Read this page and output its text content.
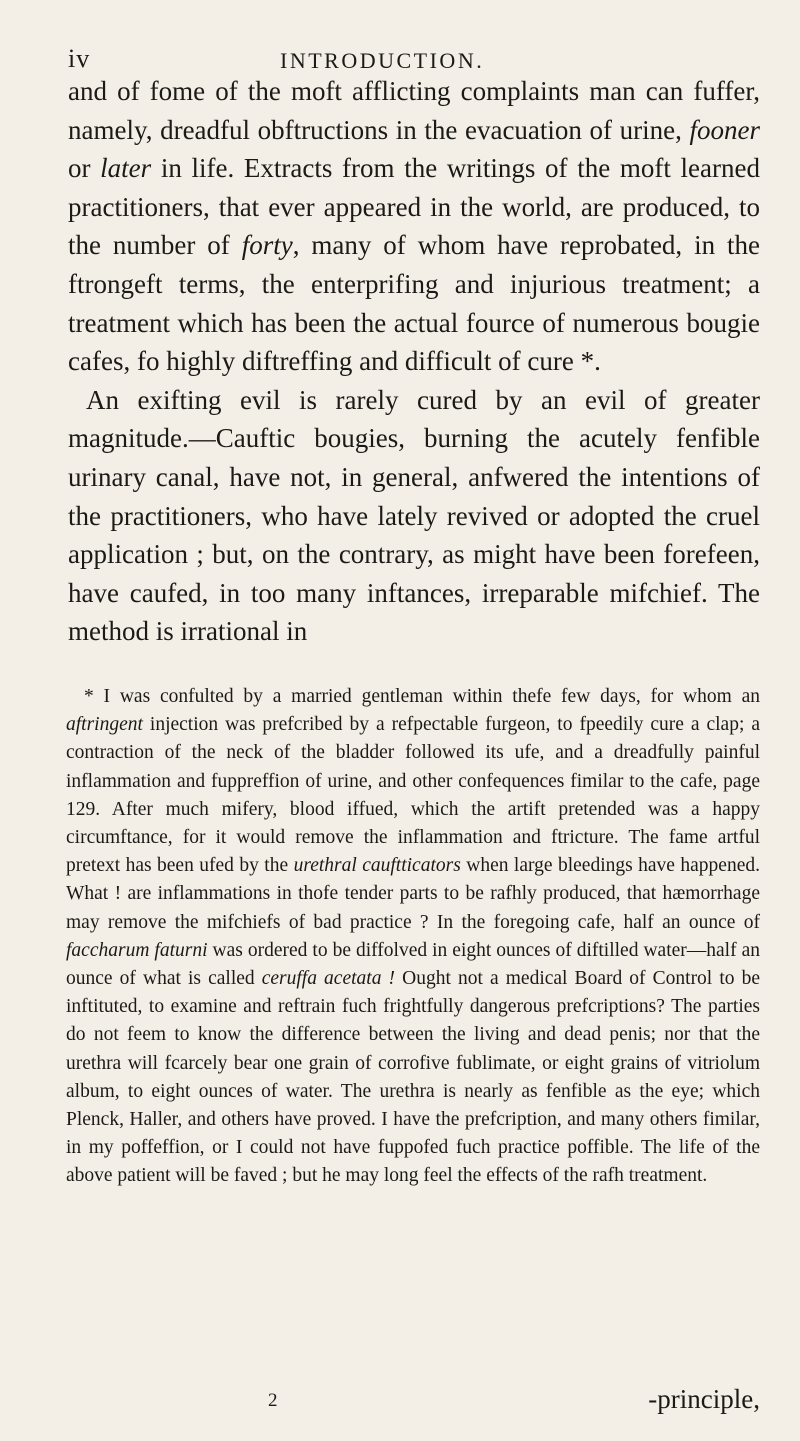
iv	INTRODUCTION.

and of fome of the moft afflicting complaints man can fuffer, namely, dreadful obftructions in the evacuation of urine, fooner or later in life. Extracts from the writings of the moft learned practitioners, that ever appeared in the world, are produced, to the number of forty, many of whom have reprobated, in the ftrongeft terms, the enterprifing and injurious treatment; a treatment which has been the actual fource of numerous bougie cafes, fo highly diftreffing and difficult of cure *.

An exifting evil is rarely cured by an evil of greater magnitude.—Cauftic bougies, burning the acutely fenfible urinary canal, have not, in general, anfwered the intentions of the practitioners, who have lately revived or adopted the cruel application ; but, on the contrary, as might have been forefeen, have caufed, in too many inftances, irreparable mifchief. The method is irrational in

* I was confulted by a married gentleman within thefe few days, for whom an aftringent injection was prefcribed by a refpectable furgeon, to fpeedily cure a clap; a contraction of the neck of the bladder followed its ufe, and a dreadfully painful inflammation and fuppreffion of urine, and other confequences fimilar to the cafe, page 129. After much mifery, blood iffued, which the artift pretended was a happy circumftance, for it would remove the inflammation and ftricture. The fame artful pretext has been ufed by the urethral cauftticators when large bleedings have happened. What ! are inflammations in thofe tender parts to be rafhly produced, that hæmorrhage may remove the mifchiefs of bad practice ? In the foregoing cafe, half an ounce of faccharum faturni was ordered to be diffolved in eight ounces of diftilled water—half an ounce of what is called ceruffa acetata ! Ought not a medical Board of Control to be inftituted, to examine and reftrain fuch frightfully dangerous prefcriptions? The parties do not feem to know the difference between the living and dead penis; nor that the urethra will fcarcely bear one grain of corrofive fublimate, or eight grains of vitriolum album, to eight ounces of water. The urethra is nearly as fenfible as the eye; which Plenck, Haller, and others have proved. I have the prefcription, and many others fimilar, in my poffeffion, or I could not have fuppofed fuch practice poffible. The life of the above patient will be faved ; but he may long feel the effects of the rafh treatment.

2	-principle,
